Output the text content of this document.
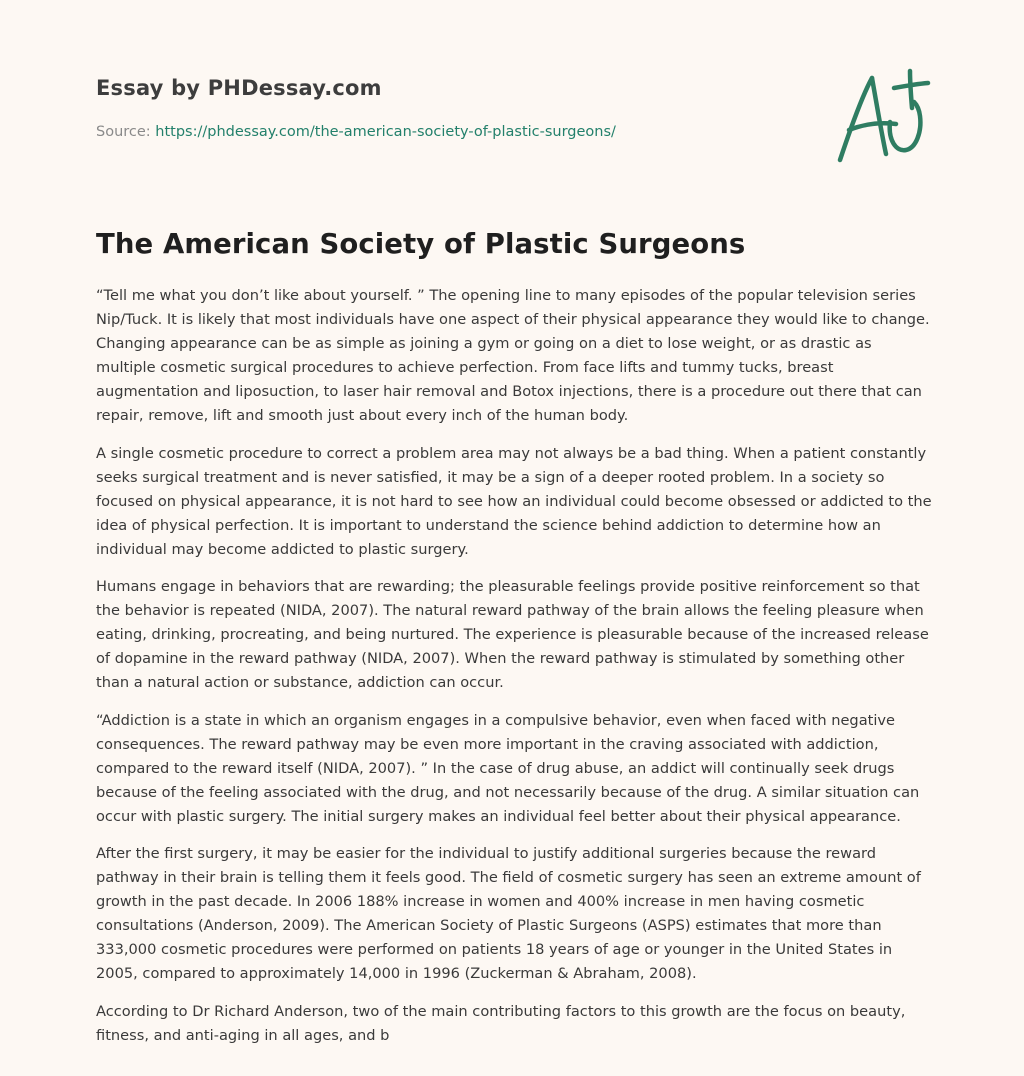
Essay by PHDessay.com
Source: https://phdessay.com/the-american-society-of-plastic-surgeons/
The American Society of Plastic Surgeons

“Tell me what you don’t like about yourself. ” The opening line to many episodes of the popular television series Nip/Tuck. It is likely that most individuals have one aspect of their physical appearance they would like to change. Changing appearance can be as simple as joining a gym or going on a diet to lose weight, or as drastic as multiple cosmetic surgical procedures to achieve perfection. From face lifts and tummy tucks, breast augmentation and liposuction, to laser hair removal and Botox injections, there is a procedure out there that can repair, remove, lift and smooth just about every inch of the human body.

A single cosmetic procedure to correct a problem area may not always be a bad thing. When a patient constantly seeks surgical treatment and is never satisfied, it may be a sign of a deeper rooted problem. In a society so focused on physical appearance, it is not hard to see how an individual could become obsessed or addicted to the idea of physical perfection. It is important to understand the science behind addiction to determine how an individual may become addicted to plastic surgery.

Humans engage in behaviors that are rewarding; the pleasurable feelings provide positive reinforcement so that the behavior is repeated (NIDA, 2007). The natural reward pathway of the brain allows the feeling pleasure when eating, drinking, procreating, and being nurtured. The experience is pleasurable because of the increased release of dopamine in the reward pathway (NIDA, 2007). When the reward pathway is stimulated by something other than a natural action or substance, addiction can occur.

“Addiction is a state in which an organism engages in a compulsive behavior, even when faced with negative consequences. The reward pathway may be even more important in the craving associated with addiction, compared to the reward itself (NIDA, 2007). ” In the case of drug abuse, an addict will continually seek drugs because of the feeling associated with the drug, and not necessarily because of the drug. A similar situation can occur with plastic surgery. The initial surgery makes an individual feel better about their physical appearance.

After the first surgery, it may be easier for the individual to justify additional surgeries because the reward pathway in their brain is telling them it feels good. The field of cosmetic surgery has seen an extreme amount of growth in the past decade. In 2006 188% increase in women and 400% increase in men having cosmetic consultations (Anderson, 2009). The American Society of Plastic Surgeons (ASPS) estimates that more than 333,000 cosmetic procedures were performed on patients 18 years of age or younger in the United States in 2005, compared to approximately 14,000 in 1996 (Zuckerman & Abraham, 2008).

According to Dr Richard Anderson, two of the main contributing factors to this growth are the focus on beauty, fitness, and anti-aging in all ages, and b
